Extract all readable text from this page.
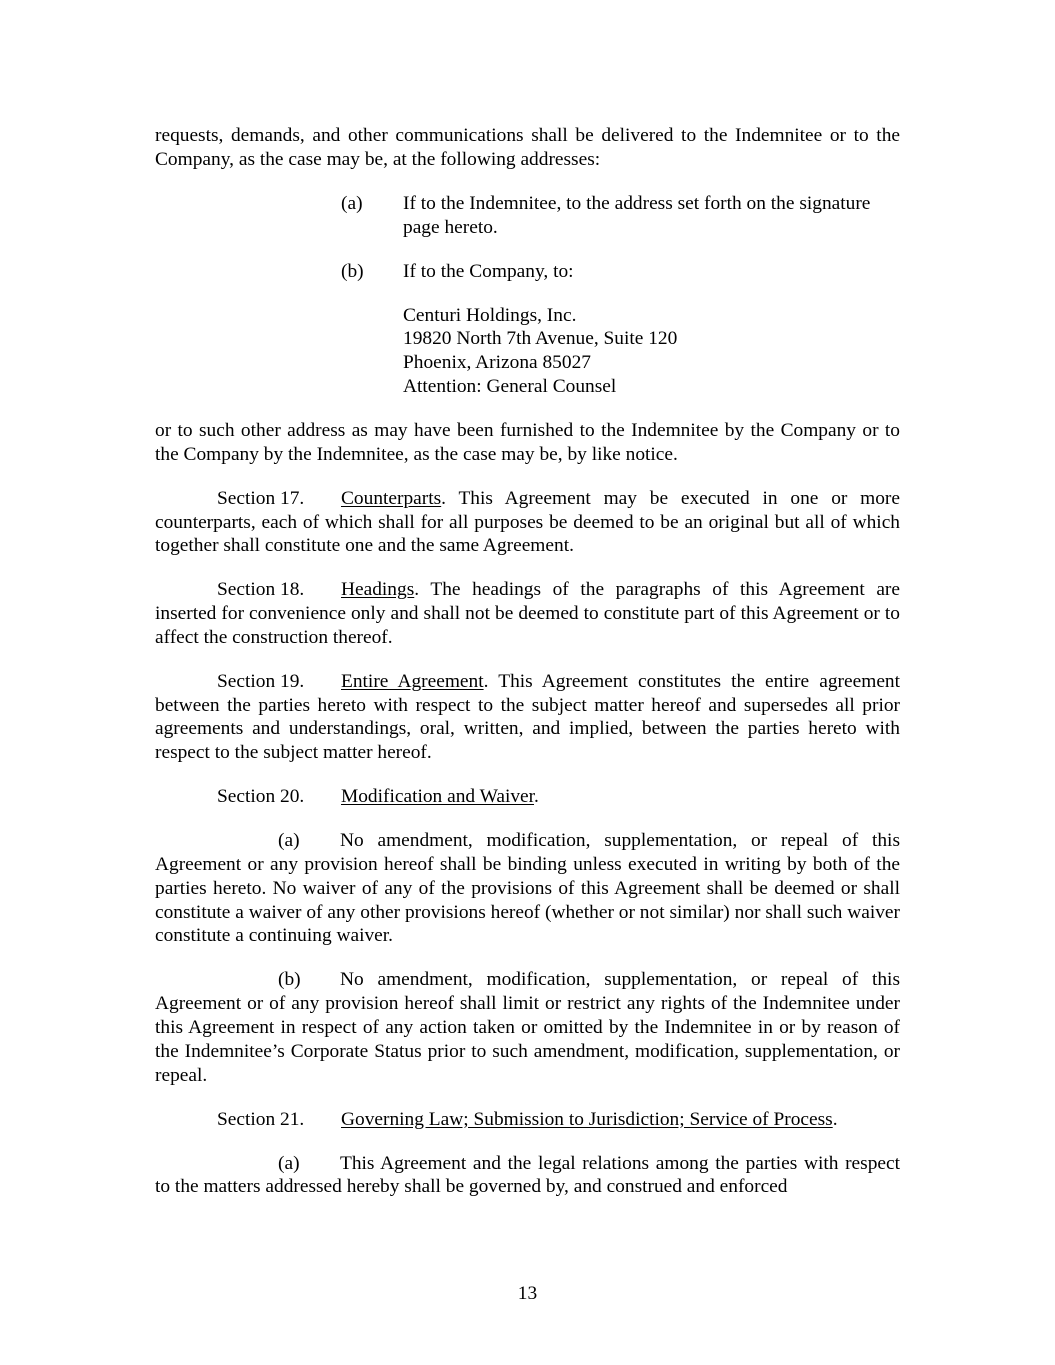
requests, demands, and other communications shall be delivered to the Indemnitee or to the Company, as the case may be, at the following addresses:

(a) If to the Indemnitee, to the address set forth on the signature page hereto.

(b) If to the Company, to:

Centuri Holdings, Inc.
19820 North 7th Avenue, Suite 120
Phoenix, Arizona 85027
Attention: General Counsel

or to such other address as may have been furnished to the Indemnitee by the Company or to the Company by the Indemnitee, as the case may be, by like notice.

Section 17. Counterparts. This Agreement may be executed in one or more counterparts, each of which shall for all purposes be deemed to be an original but all of which together shall constitute one and the same Agreement.

Section 18. Headings. The headings of the paragraphs of this Agreement are inserted for convenience only and shall not be deemed to constitute part of this Agreement or to affect the construction thereof.

Section 19. Entire Agreement. This Agreement constitutes the entire agreement between the parties hereto with respect to the subject matter hereof and supersedes all prior agreements and understandings, oral, written, and implied, between the parties hereto with respect to the subject matter hereof.

Section 20. Modification and Waiver.

(a) No amendment, modification, supplementation, or repeal of this Agreement or any provision hereof shall be binding unless executed in writing by both of the parties hereto. No waiver of any of the provisions of this Agreement shall be deemed or shall constitute a waiver of any other provisions hereof (whether or not similar) nor shall such waiver constitute a continuing waiver.

(b) No amendment, modification, supplementation, or repeal of this Agreement or of any provision hereof shall limit or restrict any rights of the Indemnitee under this Agreement in respect of any action taken or omitted by the Indemnitee in or by reason of the Indemnitee’s Corporate Status prior to such amendment, modification, supplementation, or repeal.

Section 21. Governing Law; Submission to Jurisdiction; Service of Process.

(a) This Agreement and the legal relations among the parties with respect to the matters addressed hereby shall be governed by, and construed and enforced

13
